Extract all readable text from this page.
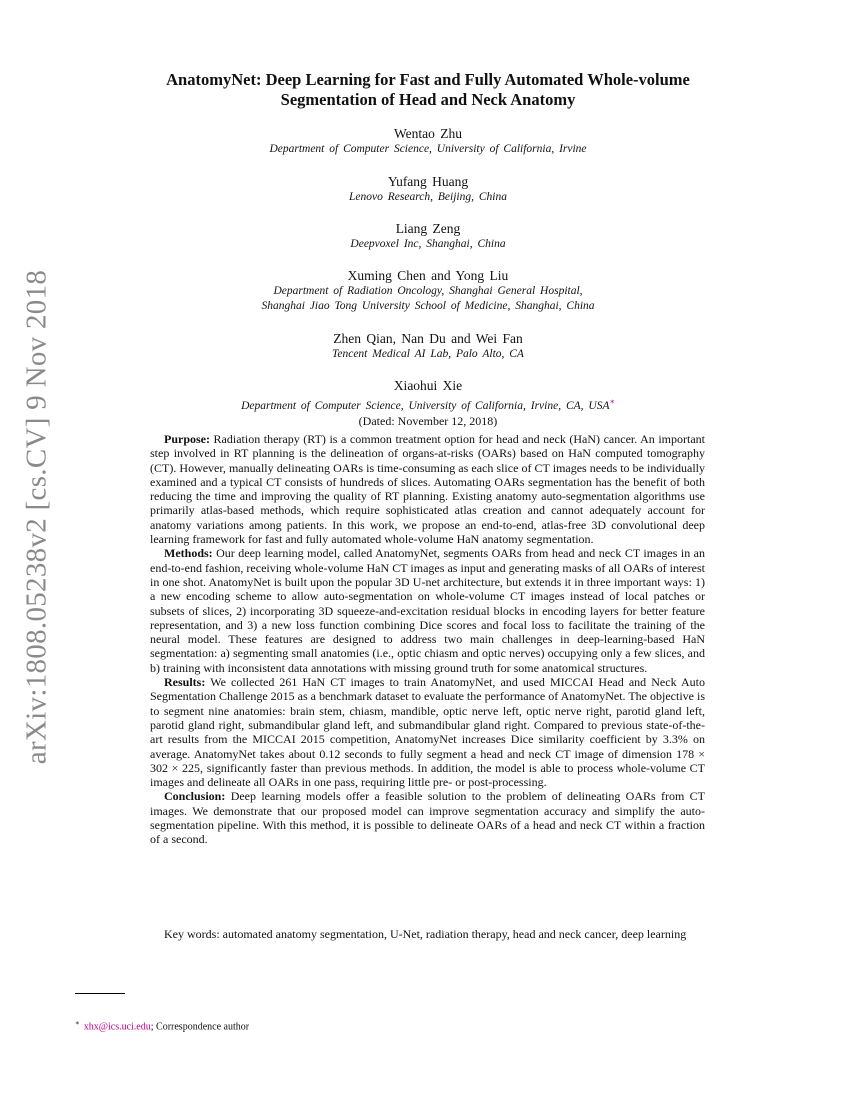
arXiv:1808.05238v2 [cs.CV] 9 Nov 2018
AnatomyNet: Deep Learning for Fast and Fully Automated Whole-volume
Segmentation of Head and Neck Anatomy
Wentao Zhu
Department of Computer Science, University of California, Irvine
Yufang Huang
Lenovo Research, Beijing, China
Liang Zeng
Deepvoxel Inc, Shanghai, China
Xuming Chen and Yong Liu
Department of Radiation Oncology, Shanghai General Hospital,
Shanghai Jiao Tong University School of Medicine, Shanghai, China
Zhen Qian, Nan Du and Wei Fan
Tencent Medical AI Lab, Palo Alto, CA
Xiaohui Xie
Department of Computer Science, University of California, Irvine, CA, USA∗
(Dated: November 12, 2018)

Purpose: Radiation therapy (RT) is a common treatment option for head and neck (HaN) cancer. An important step involved in RT planning is the delineation of organs-at-risks (OARs) based on HaN computed tomography (CT). However, manually delineating OARs is time-consuming as each slice of CT images needs to be individually examined and a typical CT consists of hundreds of slices. Automating OARs segmentation has the benefit of both reducing the time and improving the quality of RT planning. Existing anatomy auto-segmentation algorithms use primarily atlas-based methods, which require sophisticated atlas creation and cannot adequately account for anatomy variations among patients. In this work, we propose an end-to-end, atlas-free 3D convolutional deep learning framework for fast and fully automated whole-volume HaN anatomy segmentation.

Methods: Our deep learning model, called AnatomyNet, segments OARs from head and neck CT images in an end-to-end fashion, receiving whole-volume HaN CT images as input and generating masks of all OARs of interest in one shot. AnatomyNet is built upon the popular 3D U-net architecture, but extends it in three important ways: 1) a new encoding scheme to allow auto-segmentation on whole-volume CT images instead of local patches or subsets of slices, 2) incorporating 3D squeeze-and-excitation residual blocks in encoding layers for better feature representation, and 3) a new loss function combining Dice scores and focal loss to facilitate the training of the neural model. These features are designed to address two main challenges in deep-learning-based HaN segmentation: a) segmenting small anatomies (i.e., optic chiasm and optic nerves) occupying only a few slices, and b) training with inconsistent data annotations with missing ground truth for some anatomical structures.

Results: We collected 261 HaN CT images to train AnatomyNet, and used MICCAI Head and Neck Auto Segmentation Challenge 2015 as a benchmark dataset to evaluate the performance of AnatomyNet. The objective is to segment nine anatomies: brain stem, chiasm, mandible, optic nerve left, optic nerve right, parotid gland left, parotid gland right, submandibular gland left, and submandibular gland right. Compared to previous state-of-the-art results from the MICCAI 2015 competition, AnatomyNet increases Dice similarity coefficient by 3.3% on average. AnatomyNet takes about 0.12 seconds to fully segment a head and neck CT image of dimension 178 × 302 × 225, significantly faster than previous methods. In addition, the model is able to process whole-volume CT images and delineate all OARs in one pass, requiring little pre- or post-processing.

Conclusion: Deep learning models offer a feasible solution to the problem of delineating OARs from CT images. We demonstrate that our proposed model can improve segmentation accuracy and simplify the auto-segmentation pipeline. With this method, it is possible to delineate OARs of a head and neck CT within a fraction of a second.

Key words: automated anatomy segmentation, U-Net, radiation therapy, head and neck cancer, deep learning

∗ xhx@ics.uci.edu; Correspondence author
